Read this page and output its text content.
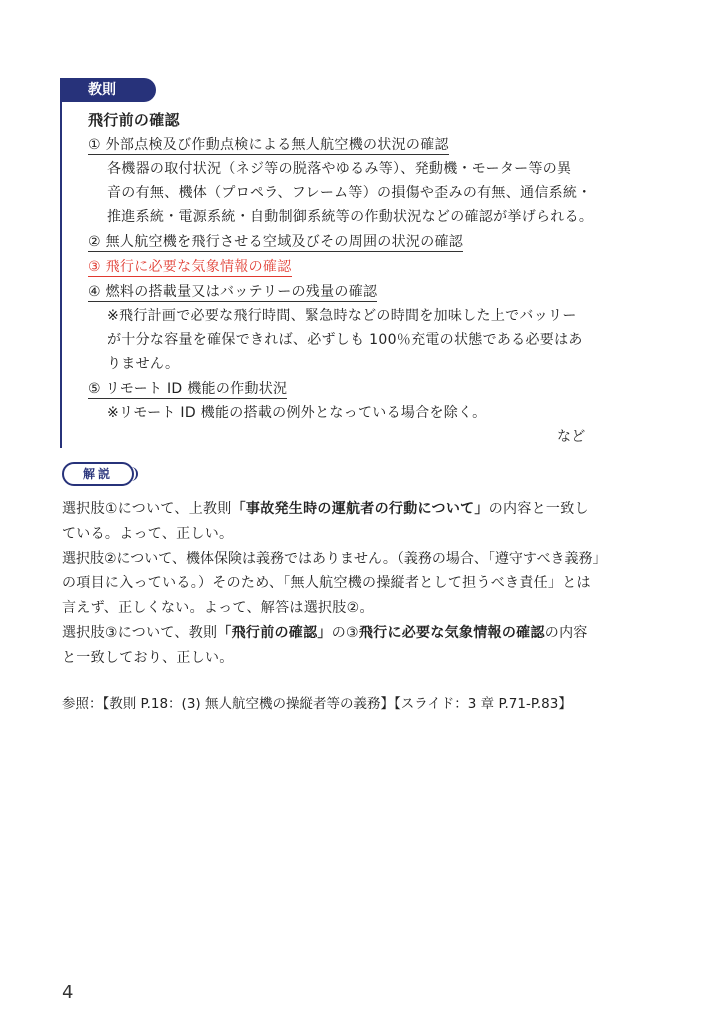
教則
飛行前の確認
① 外部点検及び作動点検による無人航空機の状況の確認
各機器の取付状況（ネジ等の脱落やゆるみ等）、発動機・モーター等の異
音の有無、機体（プロペラ、フレーム等）の損傷や歪みの有無、通信系統・
推進系統・電源系統・自動制御系統等の作動状況などの確認が挙げられる。
② 無人航空機を飛行させる空域及びその周囲の状況の確認
③ 飛行に必要な気象情報の確認
④ 燃料の搭載量又はバッテリーの残量の確認
※飛行計画で必要な飛行時間、緊急時などの時間を加味した上でバッリー
が十分な容量を確保できれば、必ずしも 100％充電の状態である必要はあ
りません。
⑤ リモート ID 機能の作動状況
※リモート ID 機能の搭載の例外となっている場合を除く。
など
解説
選択肢①について、上教則「事故発生時の運航者の行動について」の内容と一致し
ている。よって、正しい。
選択肢②について、機体保険は義務ではありません。（義務の場合、「遵守すべき義務」
の項目に入っている。）そのため、「無人航空機の操縦者として担うべき責任」とは
言えず、正しくない。よって、解答は選択肢②。
選択肢③について、教則「飛行前の確認」の③飛行に必要な気象情報の確認の内容
と一致しており、正しい。
参照：【教則 P.18：(3) 無人航空機の操縦者等の義務】【スライド：3 章 P.71-P.83】
4
